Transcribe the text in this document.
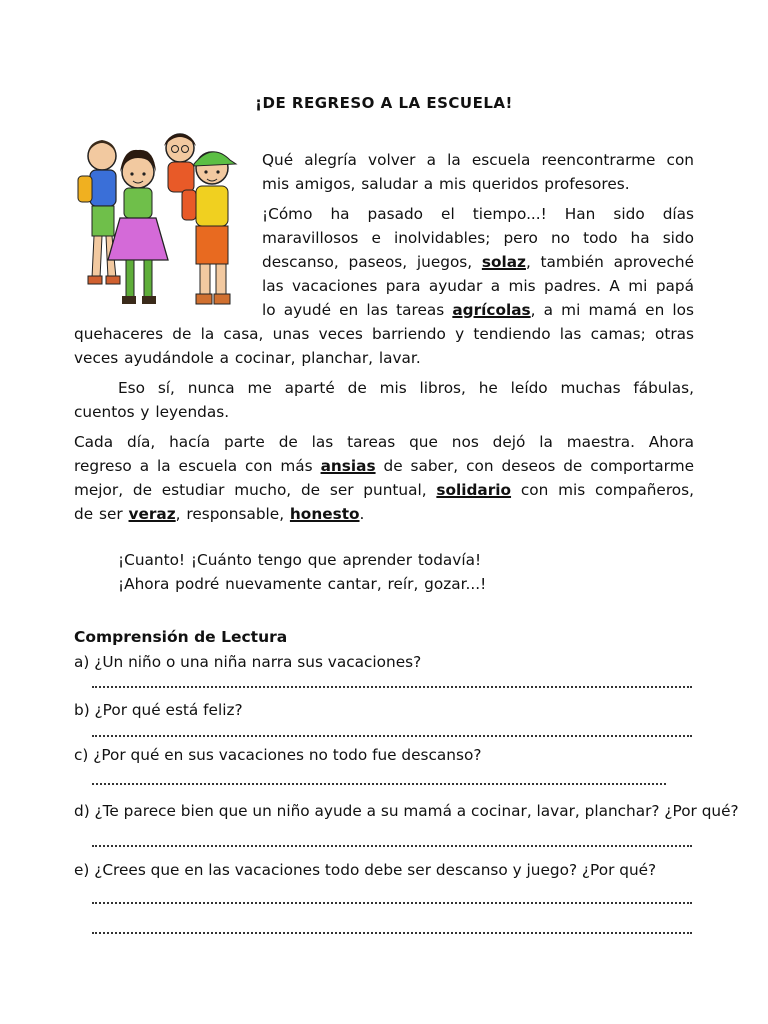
¡DE REGRESO A LA ESCUELA!
Qué alegría volver a la escuela reencontrarme con
mis amigos, saludar a mis queridos profesores.
¡Cómo ha pasado el tiempo...! Han sido días
maravillosos e inolvidables; pero no todo ha sido
descanso, paseos, juegos, solaz, también aproveché
las vacaciones para ayudar a mis padres. A mi papá
lo ayudé en las tareas agrícolas, a mi mamá en los
quehaceres de la casa, unas veces barriendo y tendiendo las camas; otras
veces ayudándole a cocinar, planchar, lavar.
Eso sí, nunca me aparté de mis libros, he leído muchas fábulas,
cuentos y leyendas.
Cada día, hacía parte de las tareas que nos dejó la maestra. Ahora
regreso a la escuela con más ansias de saber, con deseos de comportarme
mejor, de estudiar mucho, de ser puntual, solidario con mis compañeros,
de ser veraz, responsable, honesto.
¡Cuanto! ¡Cuánto tengo que aprender todavía!
¡Ahora podré nuevamente cantar, reír, gozar...!
Comprensión de Lectura
a) ¿Un niño o una niña narra sus vacaciones?
b) ¿Por qué está feliz?
c) ¿Por qué en sus vacaciones no todo fue descanso?
d) ¿Te parece bien que un niño ayude a su mamá a cocinar, lavar, planchar? ¿Por qué?
e) ¿Crees que en las vacaciones todo debe ser descanso y juego? ¿Por qué?
